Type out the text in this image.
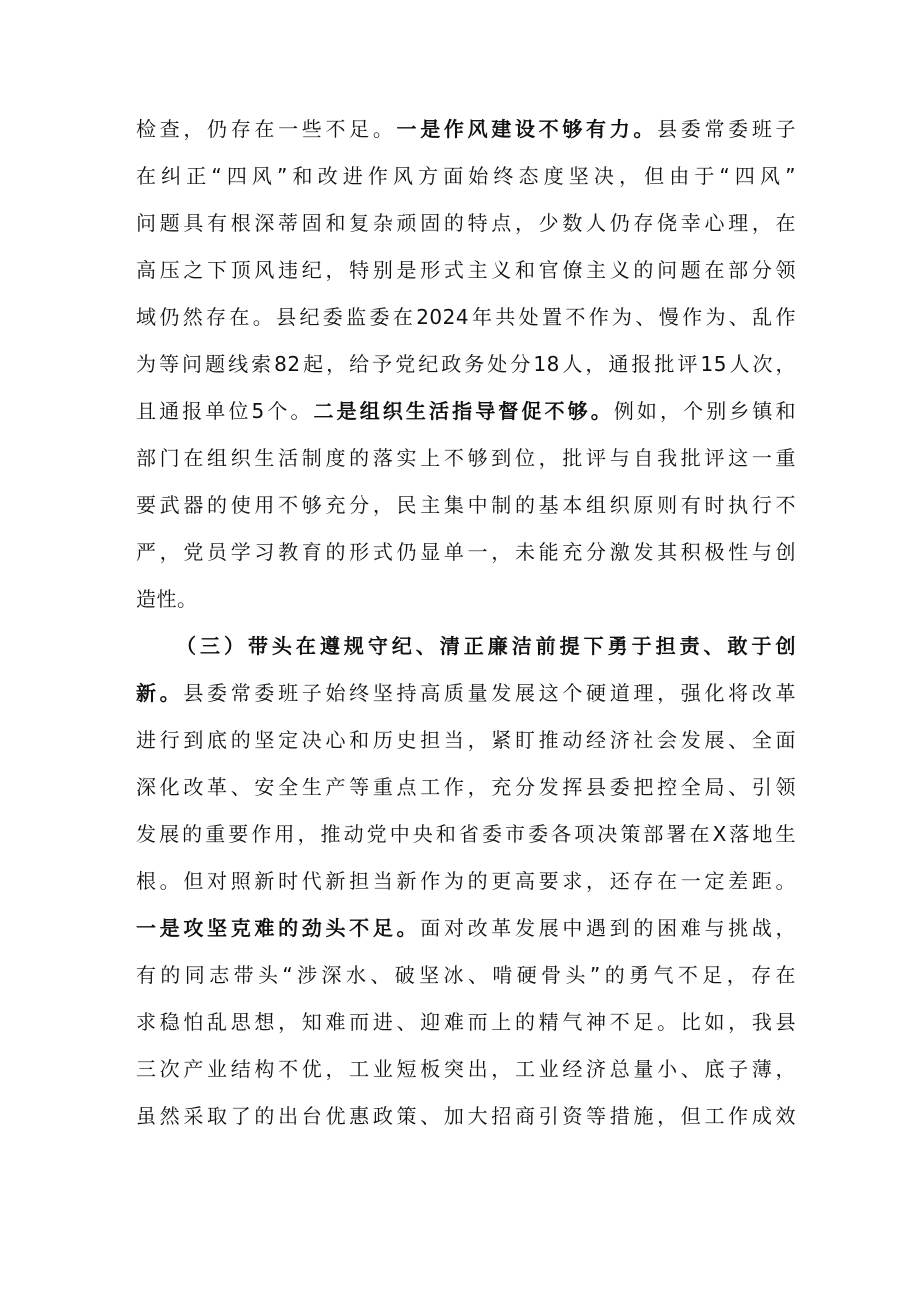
检查，仍存在一些不足。一是作风建设不够有力。县委常委班子
在纠正“四风”和改进作风方面始终态度坚决，但由于“四风”
问题具有根深蒂固和复杂顽固的特点，少数人仍存侥幸心理，在
高压之下顶风违纪，特别是形式主义和官僚主义的问题在部分领
域仍然存在。县纪委监委在2024年共处置不作为、慢作为、乱作
为等问题线索82起，给予党纪政务处分18人，通报批评15人次，
且通报单位5个。二是组织生活指导督促不够。例如，个别乡镇和
部门在组织生活制度的落实上不够到位，批评与自我批评这一重
要武器的使用不够充分，民主集中制的基本组织原则有时执行不
严，党员学习教育的形式仍显单一，未能充分激发其积极性与创
造性。
（三）带头在遵规守纪、清正廉洁前提下勇于担责、敢于创
新。县委常委班子始终坚持高质量发展这个硬道理，强化将改革
进行到底的坚定决心和历史担当，紧盯推动经济社会发展、全面
深化改革、安全生产等重点工作，充分发挥县委把控全局、引领
发展的重要作用，推动党中央和省委市委各项决策部署在X落地生
根。但对照新时代新担当新作为的更高要求，还存在一定差距。
一是攻坚克难的劲头不足。面对改革发展中遇到的困难与挑战，
有的同志带头“涉深水、破坚冰、啃硬骨头”的勇气不足，存在
求稳怕乱思想，知难而进、迎难而上的精气神不足。比如，我县
三次产业结构不优，工业短板突出，工业经济总量小、底子薄，
虽然采取了的出台优惠政策、加大招商引资等措施，但工作成效
